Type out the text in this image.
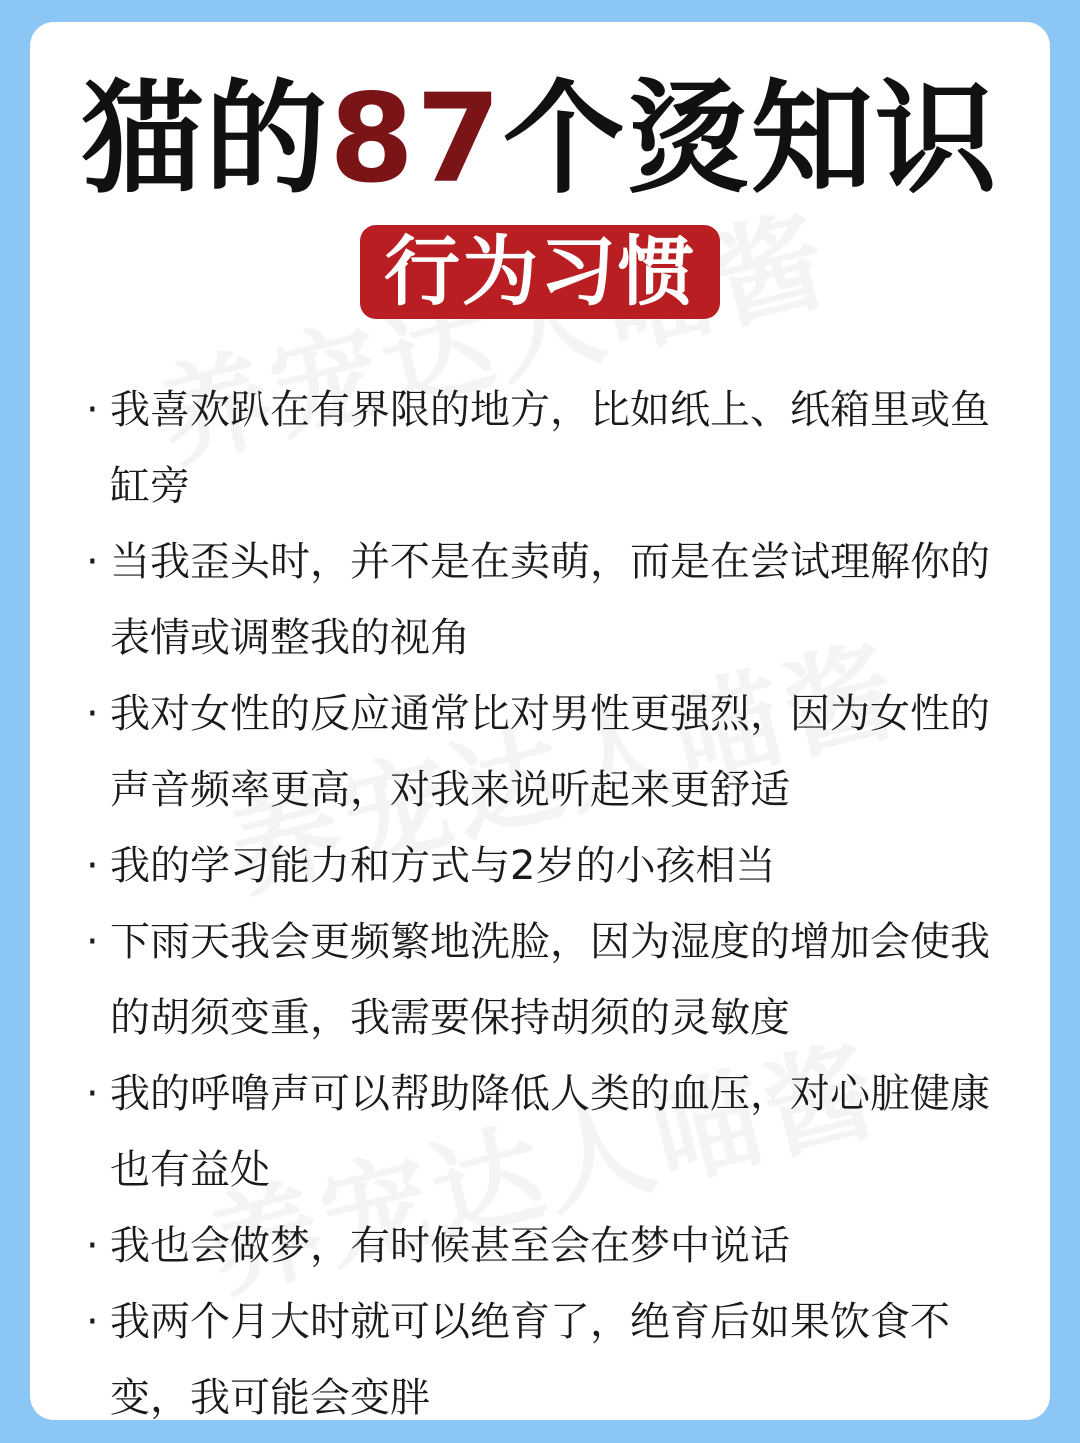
猫的87个烫知识
行为习惯
· 我喜欢趴在有界限的地方，比如纸上、纸箱里或鱼缸旁
· 当我歪头时，并不是在卖萌，而是在尝试理解你的表情或调整我的视角
· 我对女性的反应通常比对男性更强烈，因为女性的声音频率更高，对我来说听起来更舒适
· 我的学习能力和方式与2岁的小孩相当
· 下雨天我会更频繁地洗脸，因为湿度的增加会使我的胡须变重，我需要保持胡须的灵敏度
· 我的呼噜声可以帮助降低人类的血压，对心脏健康也有益处
· 我也会做梦，有时候甚至会在梦中说话
· 我两个月大时就可以绝育了，绝育后如果饮食不变，我可能会变胖
